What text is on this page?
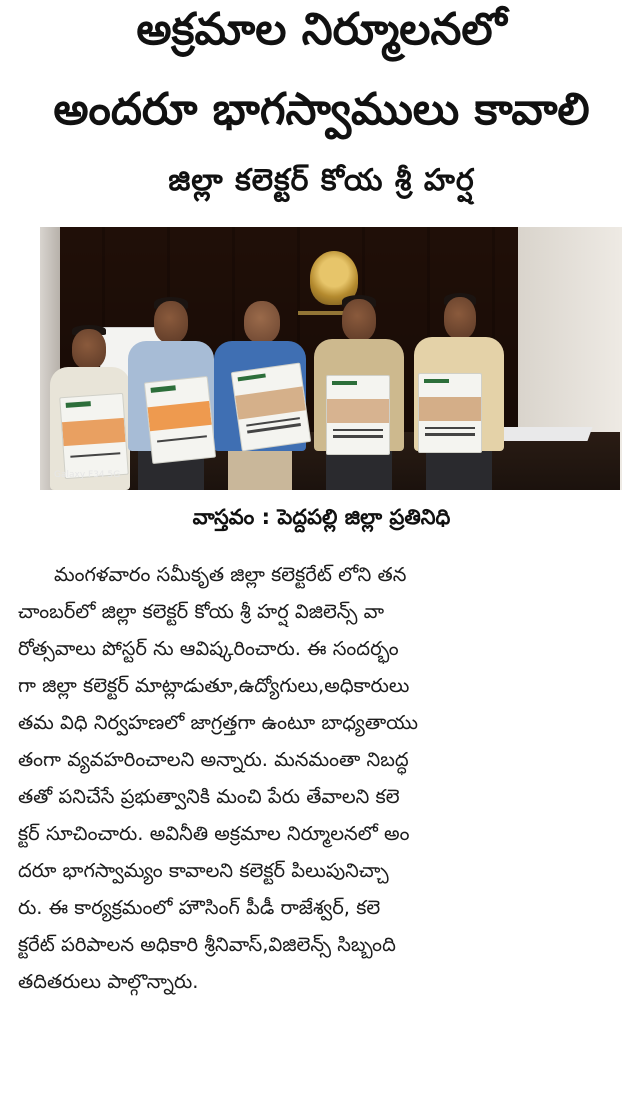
అక్రమాల నిర్మూలనలో
అందరూ భాగస్వాములు కావాలి
జిల్లా కలెక్టర్ కోయ శ్రీ హర్ష
Galaxy F34 5G

వాస్తవం : పెద్దపల్లి జిల్లా ప్రతినిధి

మంగళవారం సమీకృత జిల్లా కలెక్టరేట్ లోని తన
చాంబర్‌లో జిల్లా కలెక్టర్ కోయ శ్రీ హర్ష విజిలెన్స్ వా
రోత్సవాలు పోస్టర్ ను ఆవిష్కరించారు. ఈ సందర్భం
గా జిల్లా కలెక్టర్ మాట్లాడుతూ,ఉద్యోగులు,అధికారులు
తమ విధి నిర్వహణలో జాగ్రత్తగా ఉంటూ బాధ్యతాయు
తంగా వ్యవహరించాలని అన్నారు. మనమంతా నిబద్ధ
తతో పనిచేసే ప్రభుత్వానికి మంచి పేరు తేవాలని కలె
క్టర్ సూచించారు. అవినీతి అక్రమాల నిర్మూలనలో అం
దరూ భాగస్వామ్యం కావాలని కలెక్టర్ పిలుపునిచ్చా
రు. ఈ కార్యక్రమంలో హౌసింగ్ పీడీ రాజేశ్వర్, కలె
క్టరేట్ పరిపాలన అధికారి శ్రీనివాస్,విజిలెన్స్ సిబ్బంది
తదితరులు పాల్గొన్నారు.
